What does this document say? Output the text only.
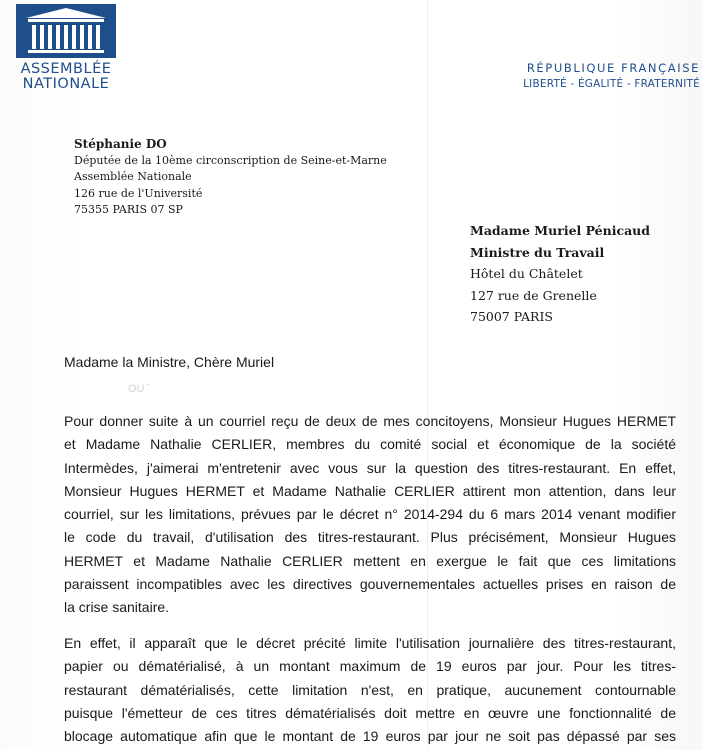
ASSEMBLÉE
NATIONALE
RÉPUBLIQUE FRANÇAISE
LIBERTÉ - ÉGALITÉ - FRATERNITÉ
Stéphanie DO
Députée de la 10ème circonscription de Seine-et-Marne
Assemblée Nationale
126 rue de l'Université
75355 PARIS 07 SP
Madame Muriel Pénicaud
Ministre du Travail
Hôtel du Châtelet
127 rue de Grenelle
75007 PARIS
Madame la Ministre, Chère Muriel
OU ̂
Pour donner suite à un courriel reçu de deux de mes concitoyens, Monsieur Hugues HERMET
et Madame Nathalie CERLIER, membres du comité social et économique de la société
Intermèdes, j'aimerai m'entretenir avec vous sur la question des titres-restaurant. En effet,
Monsieur Hugues HERMET et Madame Nathalie CERLIER attirent mon attention, dans leur
courriel, sur les limitations, prévues par le décret n° 2014-294 du 6 mars 2014 venant modifier
le code du travail, d'utilisation des titres-restaurant. Plus précisément, Monsieur Hugues
HERMET et Madame Nathalie CERLIER mettent en exergue le fait que ces limitations
paraissent incompatibles avec les directives gouvernementales actuelles prises en raison de
la crise sanitaire.
En effet, il apparaît que le décret précité limite l'utilisation journalière des titres-restaurant,
papier ou dématérialisé, à un montant maximum de 19 euros par jour. Pour les titres-
restaurant dématérialisés, cette limitation n'est, en pratique, aucunement contournable
puisque l'émetteur de ces titres dématérialisés doit mettre en œuvre une fonctionnalité de
blocage automatique afin que le montant de 19 euros par jour ne soit pas dépassé par ses
